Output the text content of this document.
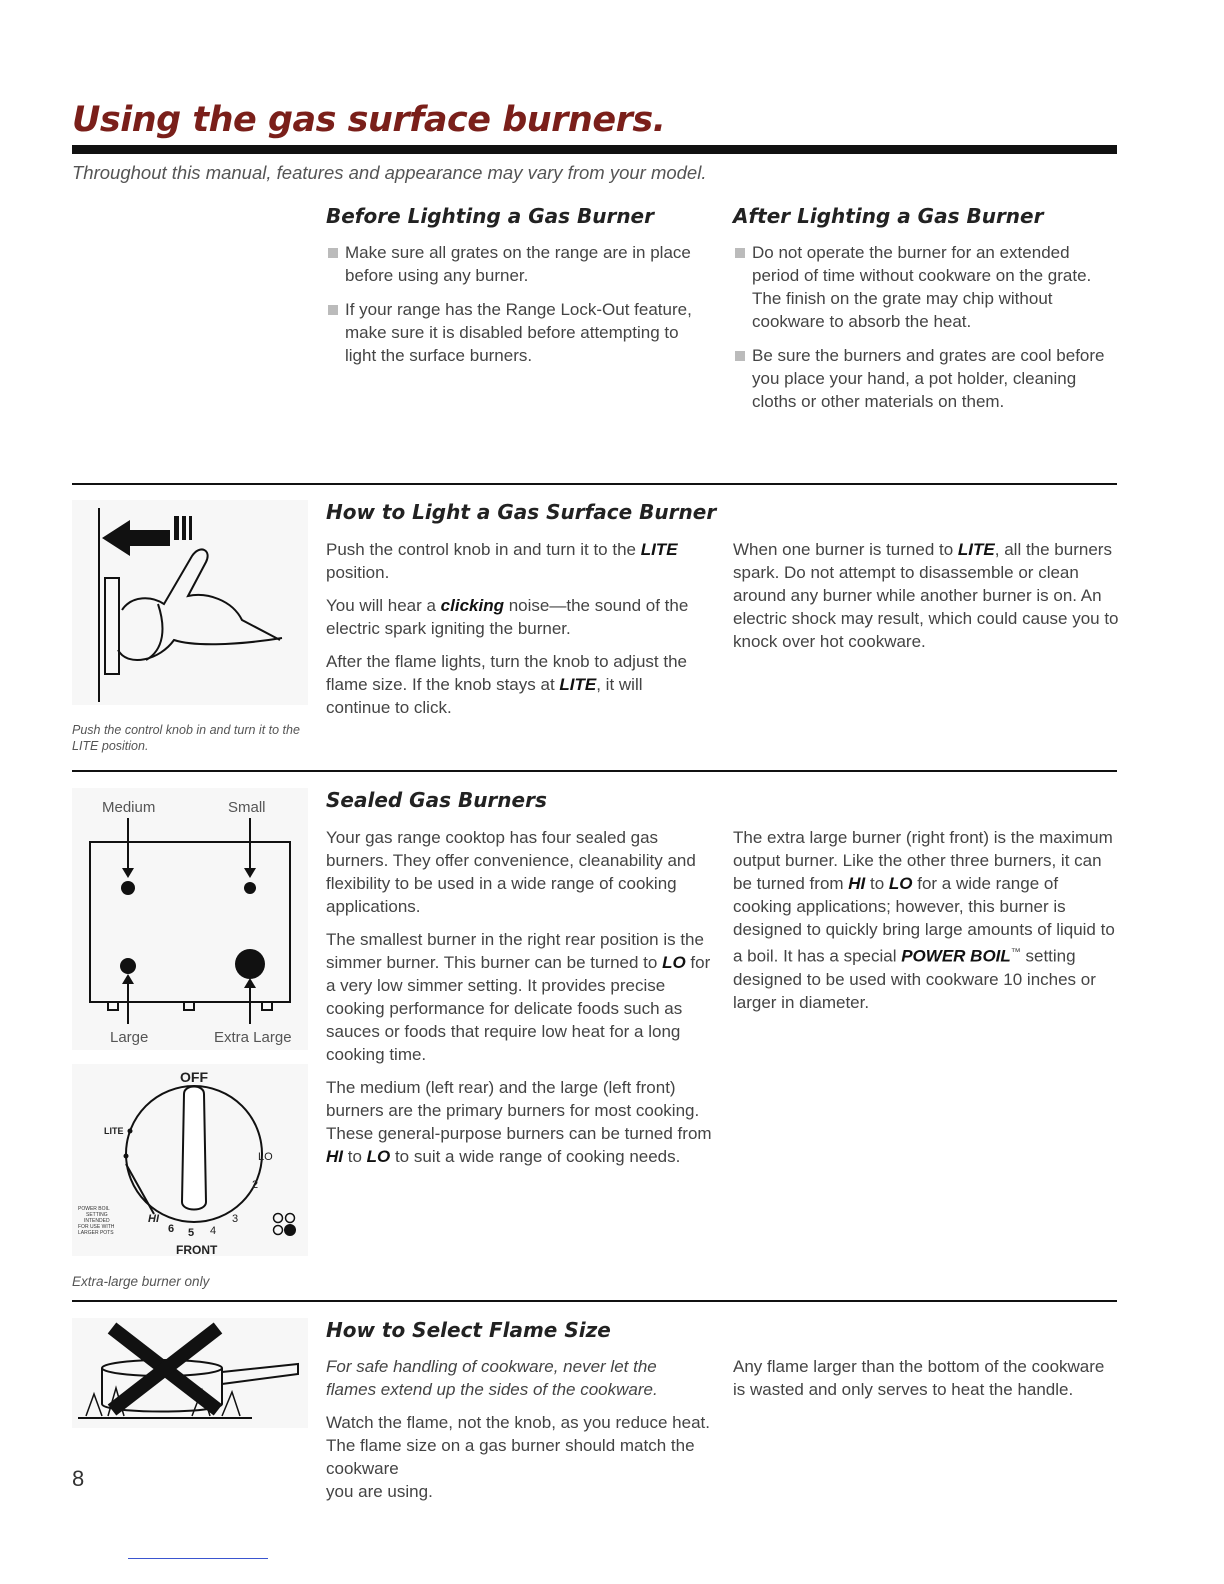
Using the gas surface burners.
Throughout this manual, features and appearance may vary from your model.
Before Lighting a Gas Burner
Make sure all grates on the range are in place before using any burner.
If your range has the Range Lock-Out feature, make sure it is disabled before attempting to light the surface burners.
After Lighting a Gas Burner
Do not operate the burner for an extended period of time without cookware on the grate. The finish on the grate may chip without cookware to absorb the heat.
Be sure the burners and grates are cool before you place your hand, a pot holder, cleaning cloths or other materials on them.
Push the control knob in and turn it to the LITE position.
How to Light a Gas Surface Burner

Push the control knob in and turn it to the LITE position.

You will hear a clicking noise—the sound of the electric spark igniting the burner.

After the flame lights, turn the knob to adjust the flame size. If the knob stays at LITE, it will continue to click.

When one burner is turned to LITE, all the burners spark. Do not attempt to disassemble or clean around any burner while another burner is on. An electric shock may result, which could cause you to knock over hot cookware.

Medium	Small
Large	Extra Large
OFF
LITE
LO
HI
6 5 4
3
2
POWER BOIL
SETTING
INTENDED
FOR USE WITH
LARGER POTS
FRONT
Extra-large burner only
Sealed Gas Burners

Your gas range cooktop has four sealed gas burners. They offer convenience, cleanability and flexibility to be used in a wide range of cooking applications.

The smallest burner in the right rear position is the simmer burner. This burner can be turned to LO for a very low simmer setting. It provides precise cooking performance for delicate foods such as sauces or foods that require low heat for a long cooking time.

The medium (left rear) and the large (left front) burners are the primary burners for most cooking. These general-purpose burners can be turned from HI to LO to suit a wide range of cooking needs.

The extra large burner (right front) is the maximum output burner. Like the other three burners, it can be turned from HI to LO for a wide range of cooking applications; however, this burner is designed to quickly bring large amounts of liquid to a boil. It has a special POWER BOIL™ setting designed to be used with cookware 10 inches or larger in diameter.

How to Select Flame Size

For safe handling of cookware, never let the flames extend up the sides of the cookware.

Watch the flame, not the knob, as you reduce heat. The flame size on a gas burner should match the cookware

you are using.

Any flame larger than the bottom of the cookware is wasted and only serves to heat the handle.

8
